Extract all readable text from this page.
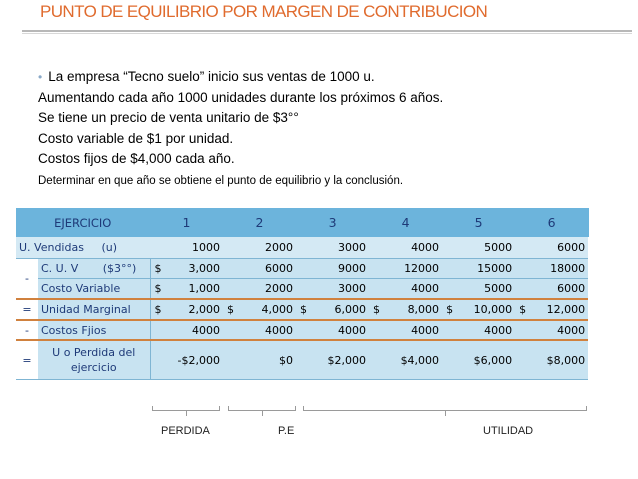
PUNTO DE EQUILIBRIO POR MARGEN DE CONTRIBUCION
• La empresa “Tecno suelo” inicio sus ventas de 1000 u.
Aumentando cada año 1000 unidades durante los próximos 6 años.
Se tiene un precio de venta unitario de $3°°
Costo variable de $1 por unidad.
Costos fijos de $4,000 cada año.
Determinar en que año se obtiene el punto de equilibrio y la conclusión.
EJERCICIO		1		2		3		4		5		6	
U. Vendidas (u)		1000		2000		3000		4000		5000		6000	
-	C. U. V ($3°°)	$	3,000	6000		9000		12000		15000		18000	
	Costo Variable	$	1,000	2000		3000		4000		5000		6000	
=	Unidad Marginal	$	2,000	$	4,000	$	6,000	$	8,000	$	10,000	$	12,000
-	Costos Fjios	4000		4000		4000		4000		4000		4000	
=	U o Perdida del
ejercicio	-$2,000		$0		$2,000		$4,000		$6,000		$8,000	
PERDIDA	P.E	UTILIDAD
